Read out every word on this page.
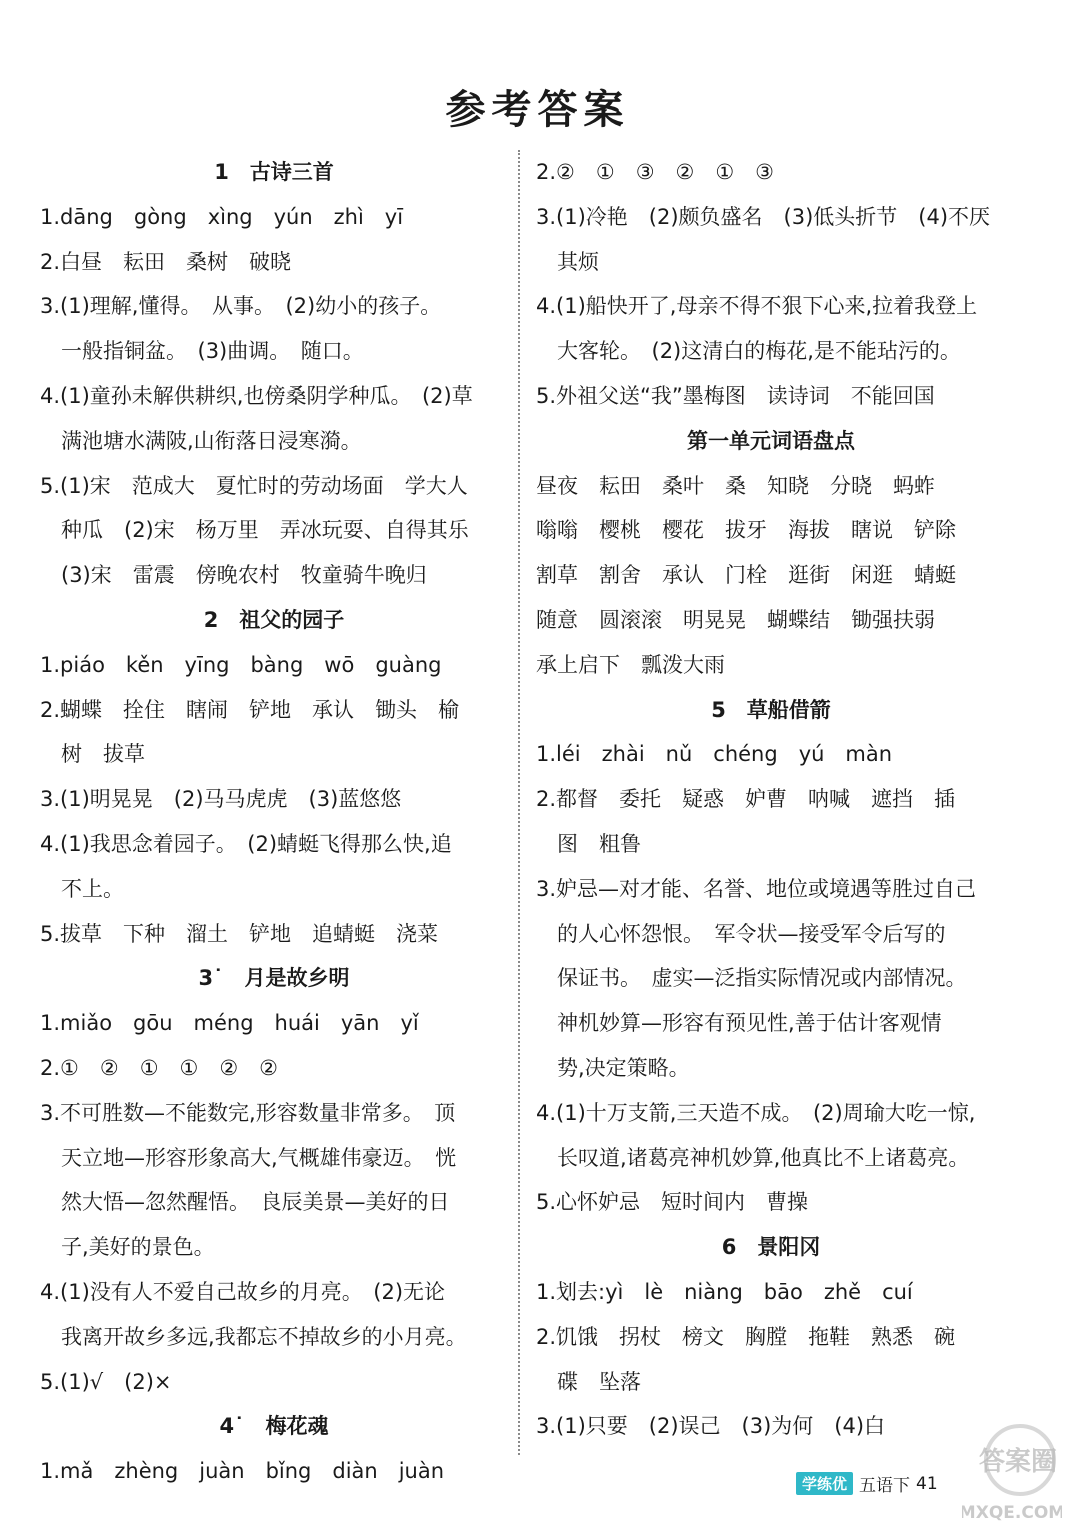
参考答案
1　古诗三首
1.dāng　gòng　xìng　yún　zhì　yī
2.白昼　耘田　桑树　破晓
3.(1)理解,懂得。　从事。　(2)幼小的孩子。
　一般指铜盆。　(3)曲调。　随口。
4.(1)童孙未解供耕织,也傍桑阴学种瓜。　(2)草
　满池塘水满陂,山衔落日浸寒漪。
5.(1)宋　范成大　夏忙时的劳动场面　学大人
　种瓜　(2)宋　杨万里　弄冰玩耍、自得其乐
　(3)宋　雷震　傍晚农村　牧童骑牛晚归
2　祖父的园子
1.piáo　kěn　yīng　bàng　wō　guàng
2.蝴蝶　拴住　瞎闹　铲地　承认　锄头　榆
　树　拔草
3.(1)明晃晃　(2)马马虎虎　(3)蓝悠悠
4.(1)我思念着园子。　(2)蜻蜓飞得那么快,追
　不上。
5.拔草　下种　溜土　铲地　追蜻蜓　浇菜
3˙　月是故乡明
1.miǎo　gōu　méng　huái　yān　yǐ
2.①　②　①　①　②　②
3.不可胜数—不能数完,形容数量非常多。　顶
　天立地—形容形象高大,气概雄伟豪迈。　恍
　然大悟—忽然醒悟。　良辰美景—美好的日
　子,美好的景色。
4.(1)没有人不爱自己故乡的月亮。　(2)无论
　我离开故乡多远,我都忘不掉故乡的小月亮。
5.(1)√　(2)×
4˙　梅花魂
1.mǎ　zhèng　juàn　bǐng　diàn　juàn
2.②　①　③　②　①　③
3.(1)冷艳　(2)颇负盛名　(3)低头折节　(4)不厌
　其烦
4.(1)船快开了,母亲不得不狠下心来,拉着我登上
　大客轮。　(2)这清白的梅花,是不能玷污的。
5.外祖父送“我”墨梅图　读诗词　不能回国
第一单元词语盘点
昼夜　耘田　桑叶　桑　知晓　分晓　蚂蚱
嗡嗡　樱桃　樱花　拔牙　海拔　瞎说　铲除
割草　割舍　承认　门栓　逛街　闲逛　蜻蜓
随意　圆滚滚　明晃晃　蝴蝶结　锄强扶弱
承上启下　瓢泼大雨
5　草船借箭
1.léi　zhài　nǔ　chéng　yú　màn
2.都督　委托　疑惑　妒曹　呐喊　遮挡　插
　图　粗鲁
3.妒忌—对才能、名誉、地位或境遇等胜过自己
　的人心怀怨恨。　军令状—接受军令后写的
　保证书。　虚实—泛指实际情况或内部情况。
　神机妙算—形容有预见性,善于估计客观情
　势,决定策略。
4.(1)十万支箭,三天造不成。　(2)周瑜大吃一惊,
　长叹道,诸葛亮神机妙算,他真比不上诸葛亮。
5.心怀妒忌　短时间内　曹操
6　景阳冈
1.划去:yì　lè　niàng　bāo　zhě　cuí
2.饥饿　拐杖　榜文　胸膛　拖鞋　熟悉　碗
　碟　坠落
3.(1)只要　(2)误己　(3)为何　(4)白
学练优 五语下 41
答案圈
MXQE.COM
